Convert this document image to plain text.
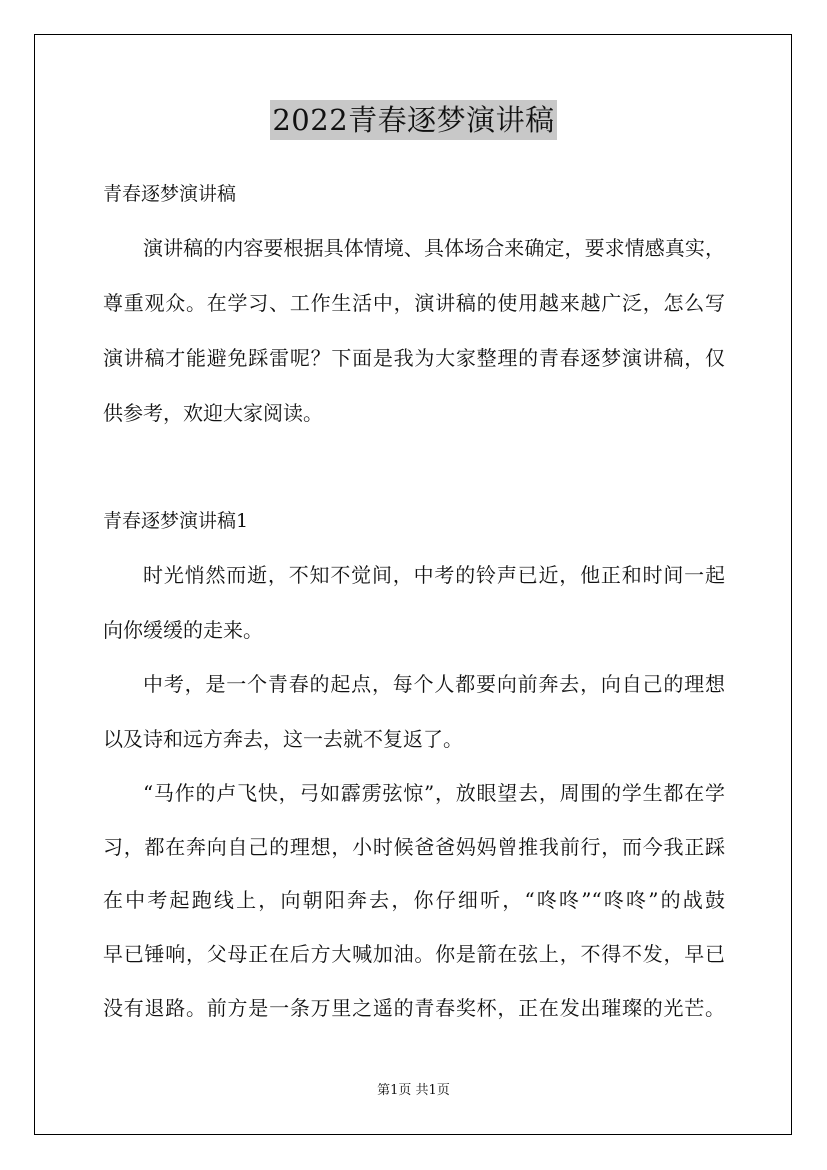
2022青春逐梦演讲稿
青春逐梦演讲稿
演讲稿的内容要根据具体情境、具体场合来确定，要求情感真实，
尊重观众。在学习、工作生活中，演讲稿的使用越来越广泛，怎么写
演讲稿才能避免踩雷呢？下面是我为大家整理的青春逐梦演讲稿，仅
供参考，欢迎大家阅读。
青春逐梦演讲稿1
时光悄然而逝，不知不觉间，中考的铃声已近，他正和时间一起
向你缓缓的走来。
中考，是一个青春的起点，每个人都要向前奔去，向自己的理想
以及诗和远方奔去，这一去就不复返了。
“马作的卢飞快，弓如霹雳弦惊”，放眼望去，周围的学生都在学
习，都在奔向自己的理想，小时候爸爸妈妈曾推我前行，而今我正踩
在中考起跑线上，向朝阳奔去，你仔细听，“咚咚”“咚咚”的战鼓
早已锤响，父母正在后方大喊加油。你是箭在弦上，不得不发，早已
没有退路。前方是一条万里之遥的青春奖杯，正在发出璀璨的光芒。
第1页 共1页
